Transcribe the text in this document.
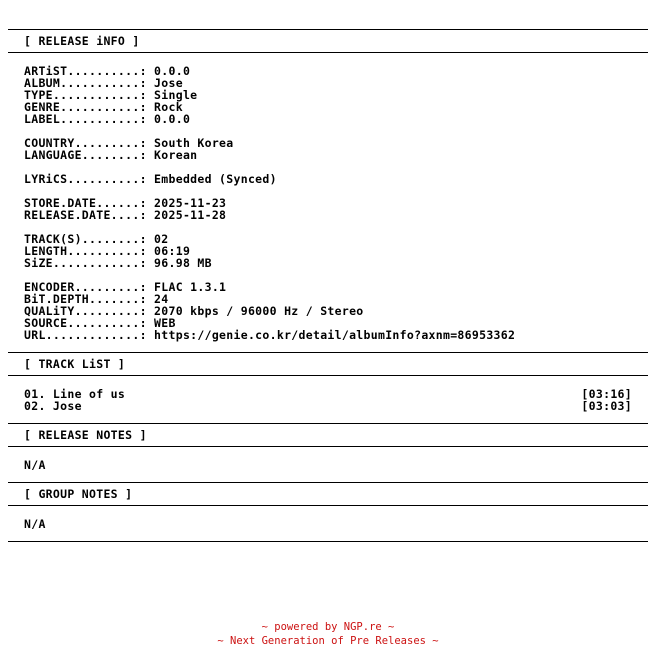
[ RELEASE iNFO ]
ARTiST..........: 0.0.0
ALBUM...........: Jose
TYPE............: Single
GENRE...........: Rock
LABEL...........: 0.0.0
COUNTRY.........: South Korea
LANGUAGE........: Korean
LYRiCS..........: Embedded (Synced)
STORE.DATE......: 2025-11-23
RELEASE.DATE....: 2025-11-28
TRACK(S)........: 02
LENGTH..........: 06:19
SiZE............: 96.98 MB
ENCODER.........: FLAC 1.3.1
BiT.DEPTH.......: 24
QUALiTY.........: 2070 kbps / 96000 Hz / Stereo
SOURCE..........: WEB
URL.............: https://genie.co.kr/detail/albumInfo?axnm=86953362
[ TRACK LiST ]
01. Line of us	[03:16]
02. Jose	[03:03]
[ RELEASE NOTES ]
N/A
[ GROUP NOTES ]
N/A
~ powered by NGP.re ~
~ Next Generation of Pre Releases ~
